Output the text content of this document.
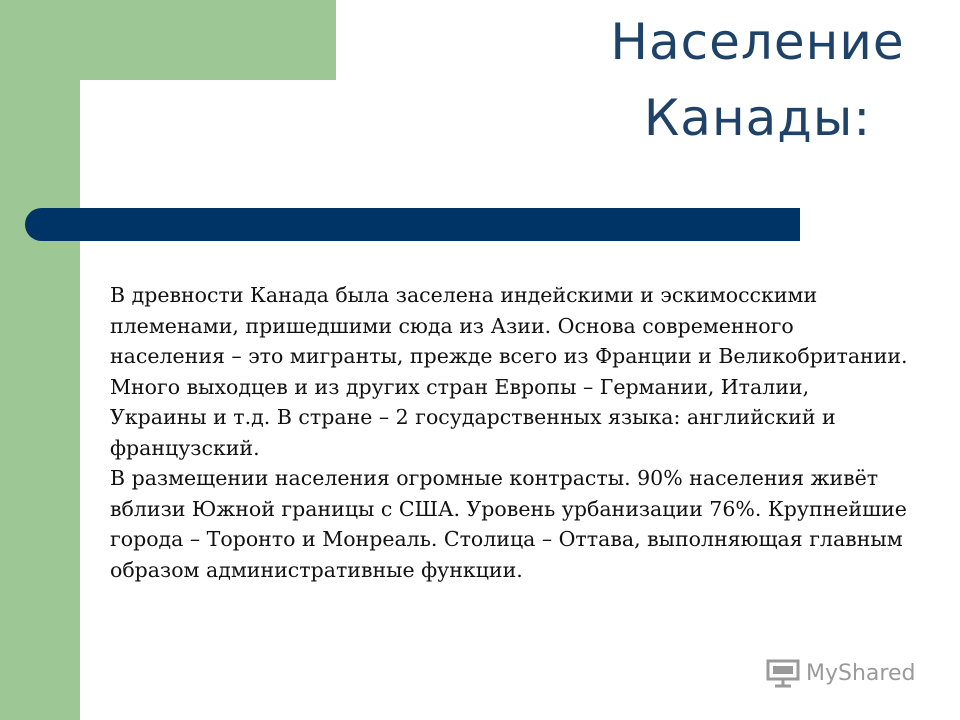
Население
Канады:

В древности Канада была заселена индейскими и эскимосскими племенами, пришедшими сюда из Азии. Основа современного населения – это мигранты, прежде всего из Франции и Великобритании. Много выходцев и из других стран Европы – Германии, Италии, Украины и т.д. В стране – 2 государственных языка: английский и французский.

В размещении населения огромные контрасты. 90% населения живёт вблизи Южной границы с США. Уровень урбанизации 76%. Крупнейшие города – Торонто и Монреаль. Столица – Оттава, выполняющая главным образом административные функции.

MyShared
